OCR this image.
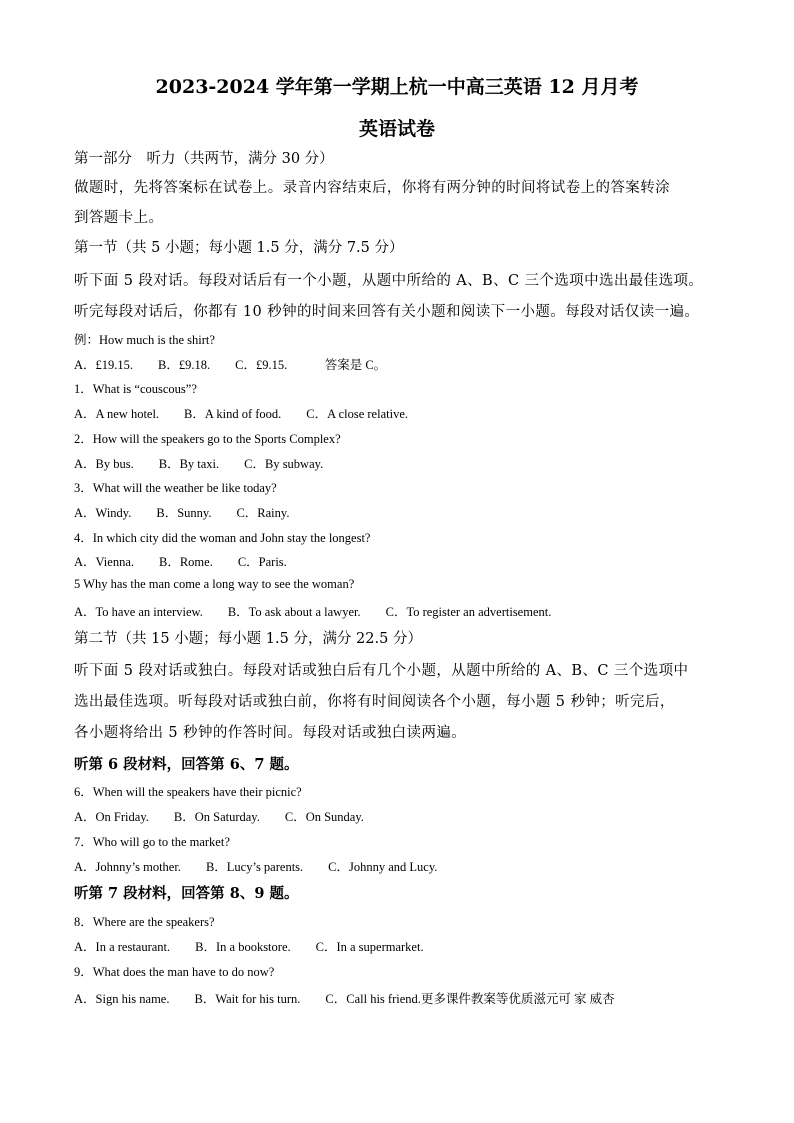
2023-2024 学年第一学期上杭一中高三英语 12 月月考
英语试卷
第一部分　听力（共两节，满分 30 分）
做题时，先将答案标在试卷上。录音内容结束后，你将有两分钟的时间将试卷上的答案转涂
到答题卡上。
第一节（共 5 小题；每小题 1.5 分，满分 7.5 分）
听下面 5 段对话。每段对话后有一个小题，从题中所给的 A、B、C 三个选项中选出最佳选项。
听完每段对话后，你都有 10 秒钟的时间来回答有关小题和阅读下一小题。每段对话仅读一遍。
例：How much is the shirt?
A．£19.15.　　B．£9.18.　　C．£9.15.　　　答案是 C。
1．What is “couscous”?
A．A new hotel.　　B．A kind of food.　　C．A close relative.
2．How will the speakers go to the Sports Complex?
A．By bus.　　B．By taxi.　　C．By subway.
3．What will the weather be like today?
A．Windy.　　B．Sunny.　　C．Rainy.
4．In which city did the woman and John stay the longest?
A．Vienna.　　B．Rome.　　C．Paris.
5 Why has the man come a long way to see the woman?
A．To have an interview.　　B．To ask about a lawyer.　　C．To register an advertisement.
第二节（共 15 小题；每小题 1.5 分，满分 22.5 分）
听下面 5 段对话或独白。每段对话或独白后有几个小题，从题中所给的 A、B、C 三个选项中
选出最佳选项。听每段对话或独白前，你将有时间阅读各个小题，每小题 5 秒钟；听完后，
各小题将给出 5 秒钟的作答时间。每段对话或独白读两遍。
听第 6 段材料，回答第 6、7 题。
6．When will the speakers have their picnic?
A．On Friday.　　B．On Saturday.　　C．On Sunday.
7．Who will go to the market?
A．Johnny’s mother.　　B．Lucy’s parents.　　C．Johnny and Lucy.
听第 7 段材料，回答第 8、9 题。
8．Where are the speakers?
A．In a restaurant.　　B．In a bookstore.　　C．In a supermarket.
9．What does the man have to do now?
A．Sign his name.　　B．Wait for his turn.　　C．Call his friend.更多课件教案等优质滋元可 家 威杏
